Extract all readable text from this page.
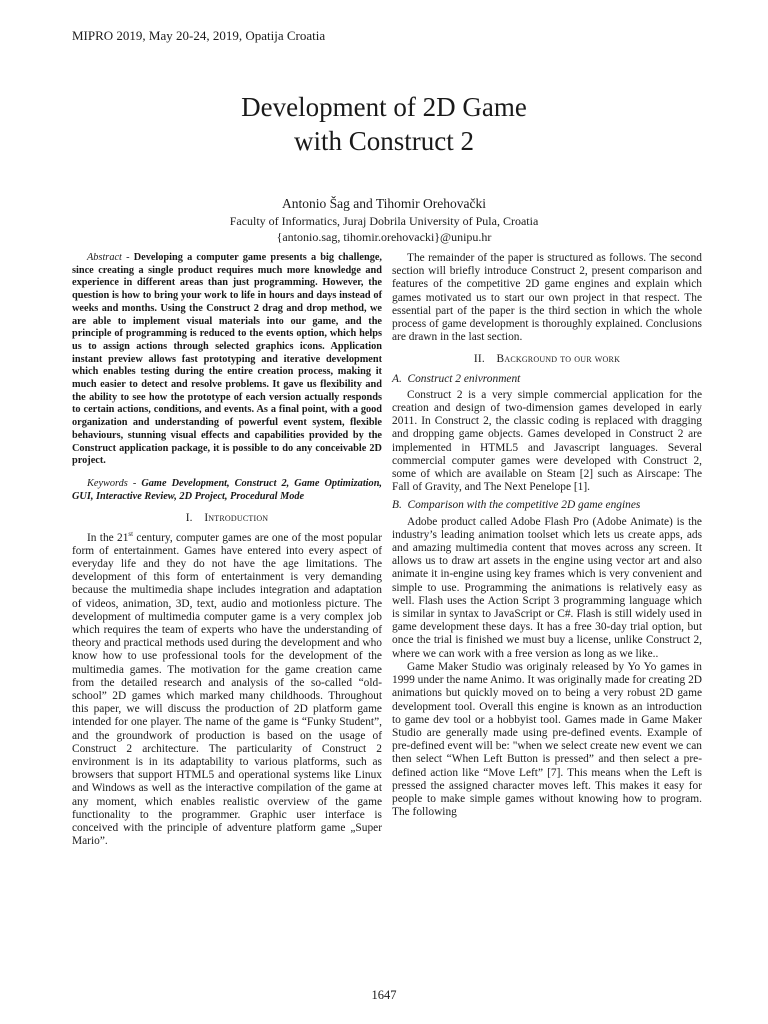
MIPRO 2019, May 20-24, 2019, Opatija Croatia
Development of 2D Game
with Construct 2
Antonio Šag and Tihomir Orehovački
Faculty of Informatics, Juraj Dobrila University of Pula, Croatia
{antonio.sag, tihomir.orehovacki}@unipu.hr

Abstract - Developing a computer game presents a big challenge, since creating a single product requires much more knowledge and experience in different areas than just programming. However, the question is how to bring your work to life in hours and days instead of weeks and months. Using the Construct 2 drag and drop method, we are able to implement visual materials into our game, and the principle of programming is reduced to the events option, which helps us to assign actions through selected graphics icons. Application instant preview allows fast prototyping and iterative development which enables testing during the entire creation process, making it much easier to detect and resolve problems. It gave us flexibility and the ability to see how the prototype of each version actually responds to certain actions, conditions, and events. As a final point, with a good organization and understanding of powerful event system, flexible behaviours, stunning visual effects and capabilities provided by the Construct application package, it is possible to do any conceivable 2D project.

Keywords - Game Development, Construct 2, Game Optimization, GUI, Interactive Review, 2D Project, Procedural Mode

I. Introduction

In the 21st century, computer games are one of the most popular form of entertainment. Games have entered into every aspect of everyday life and they do not have the age limitations. The development of this form of entertainment is very demanding because the multimedia shape includes integration and adaptation of videos, animation, 3D, text, audio and motionless picture. The development of multimedia computer game is a very complex job which requires the team of experts who have the understanding of theory and practical methods used during the development and who know how to use professional tools for the development of the multimedia games. The motivation for the game creation came from the detailed research and analysis of the so-called “old-school” 2D games which marked many childhoods. Throughout this paper, we will discuss the production of 2D platform game intended for one player. The name of the game is “Funky Student”, and the groundwork of production is based on the usage of Construct 2 architecture. The particularity of Construct 2 environment is in its adaptability to various platforms, such as browsers that support HTML5 and operational systems like Linux and Windows as well as the interactive compilation of the game at any moment, which enables realistic overview of the game functionality to the programmer. Graphic user interface is conceived with the principle of adventure platform game „Super Mario”.

The remainder of the paper is structured as follows. The second section will briefly introduce Construct 2, present comparison and features of the competitive 2D game engines and explain which games motivated us to start our own project in that respect. The essential part of the paper is the third section in which the whole process of game development is thoroughly explained. Conclusions are drawn in the last section.

II. Background to our work
A. Construct 2 enivronment

Construct 2 is a very simple commercial application for the creation and design of two-dimension games developed in early 2011. In Construct 2, the classic coding is replaced with dragging and dropping game objects. Games developed in Construct 2 are implemented in HTML5 and Javascript languages. Several commercial computer games were developed with Construct 2, some of which are available on Steam [2] such as Airscape: The Fall of Gravity, and The Next Penelope [1].

B. Comparison with the competitive 2D game engines

Adobe product called Adobe Flash Pro (Adobe Animate) is the industry’s leading animation toolset which lets us create apps, ads and amazing multimedia content that moves across any screen. It allows us to draw art assets in the engine using vector art and also animate it in-engine using key frames which is very convenient and simple to use. Programming the animations is relatively easy as well. Flash uses the Action Script 3 programming language which is similar in syntax to JavaScript or C#. Flash is still widely used in game development these days. It has a free 30-day trial option, but once the trial is finished we must buy a license, unlike Construct 2, where we can work with a free version as long as we like..

Game Maker Studio was originaly released by Yo Yo games in 1999 under the name Animo. It was originally made for creating 2D animations but quickly moved on to being a very robust 2D game development tool. Overall this engine is known as an introduction to game dev tool or a hobbyist tool. Games made in Game Maker Studio are generally made using pre-defined events. Example of pre-defined event will be: "when we select create new event we can then select “When Left Button is pressed” and then select a pre-defined action like “Move Left” [7]. This means when the Left is pressed the assigned character moves left. This makes it easy for people to make simple games without knowing how to program. The following

1647
